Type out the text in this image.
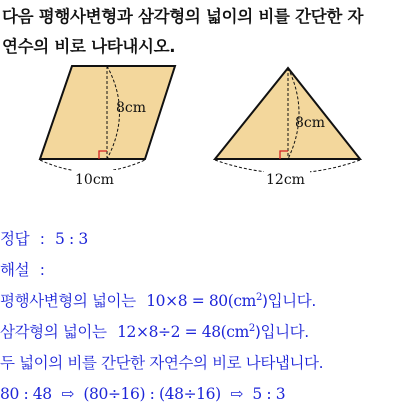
다음 평행사변형과 삼각형의 넓이의 비를 간단한 자
연수의 비로 나타내시오.
8cm
10cm
8cm
12cm
정답 : 5 : 3
해설 :
평행사변형의 넓이는 $10\times 8 = 80(cm^2)$입니다.
삼각형의 넓이는 $12\times 8\div 2 = 48(cm^2)$입니다.
두 넓이의 비를 간단한 자연수의 비로 나타냅니다.
80 : 48 ⇨ (80÷16) : (48÷16) ⇨ 5 : 3
